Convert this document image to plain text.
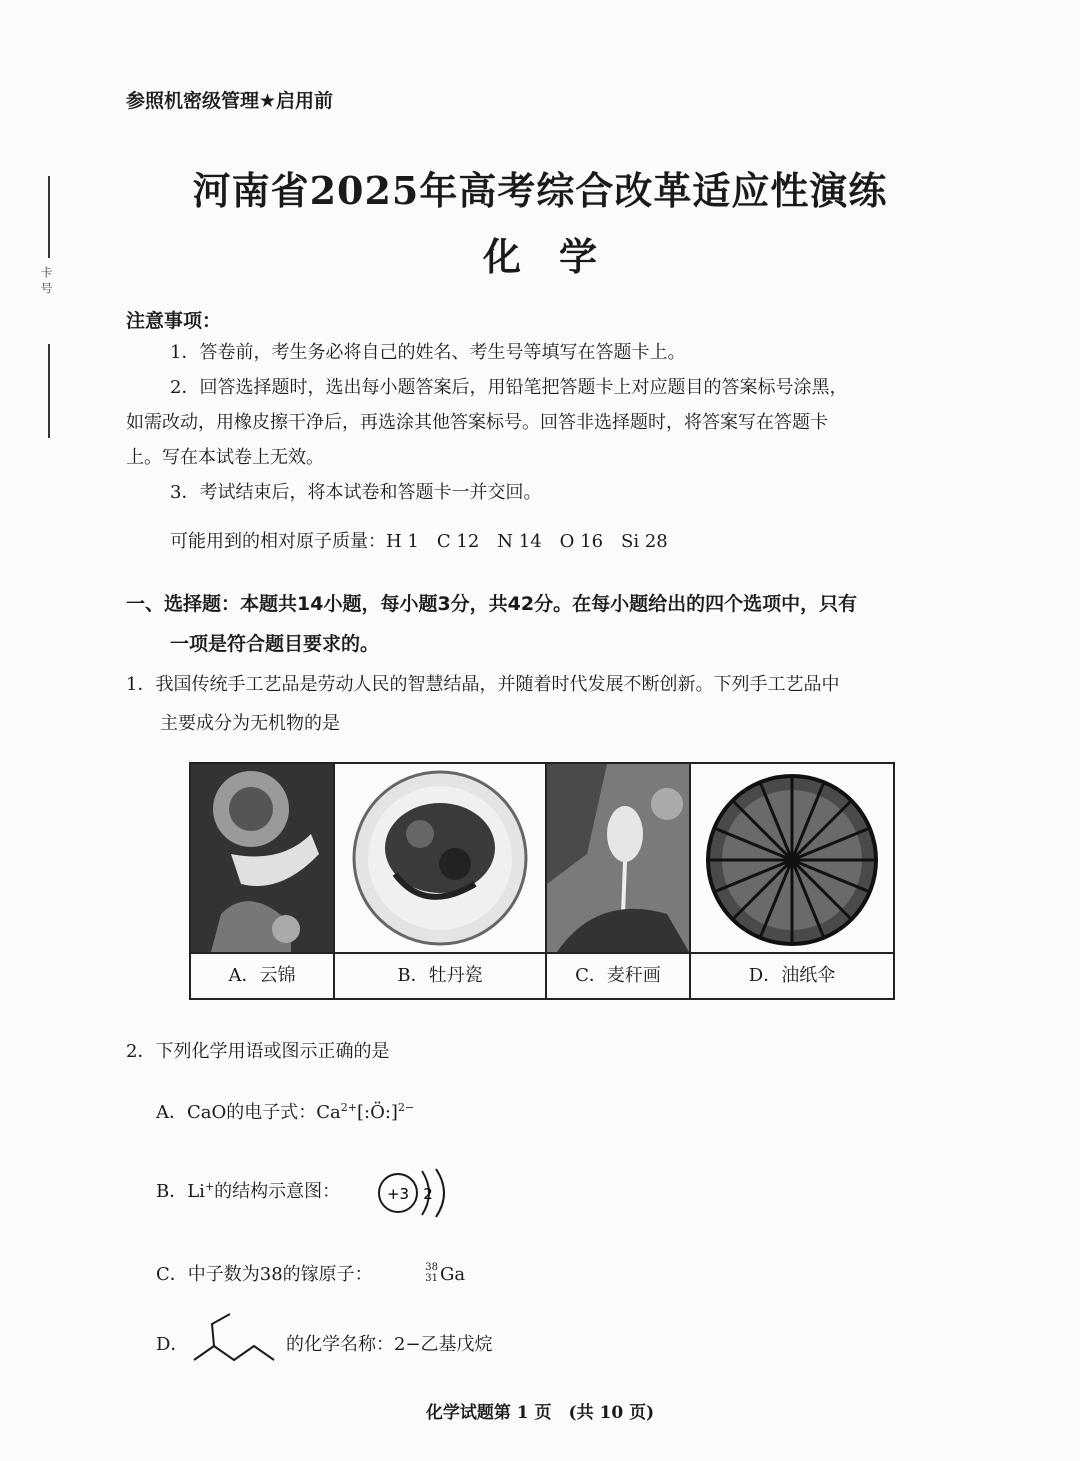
参照机密级管理★启用前
河南省2025年高考综合改革适应性演练
化　学
卡 号
注意事项：
1．答卷前，考生务必将自己的姓名、考生号等填写在答题卡上。
2．回答选择题时，选出每小题答案后，用铅笔把答题卡上对应题目的答案标号涂黑，
如需改动，用橡皮擦干净后，再选涂其他答案标号。回答非选择题时，将答案写在答题卡
上。写在本试卷上无效。
3．考试结束后，将本试卷和答题卡一并交回。
可能用到的相对原子质量：H 1　C 12　N 14　O 16　Si 28
一、选择题：本题共14小题，每小题3分，共42分。在每小题给出的四个选项中，只有
一项是符合题目要求的。
1．我国传统手工艺品是劳动人民的智慧结晶，并随着时代发展不断创新。下列手工艺品中
主要成分为无机物的是

A．云锦	B．牡丹瓷	C．麦秆画	D．油纸伞
2．下列化学用语或图示正确的是
A．CaO的电子式：$Ca^{2+}[:Ö:]^{2-}$
B．Li+的结构示意图：	+3 2
C．中子数为38的镓原子：	38
31 Ga
D．	的化学名称：2−乙基戊烷
化学试题第 1 页　(共 10 页)
